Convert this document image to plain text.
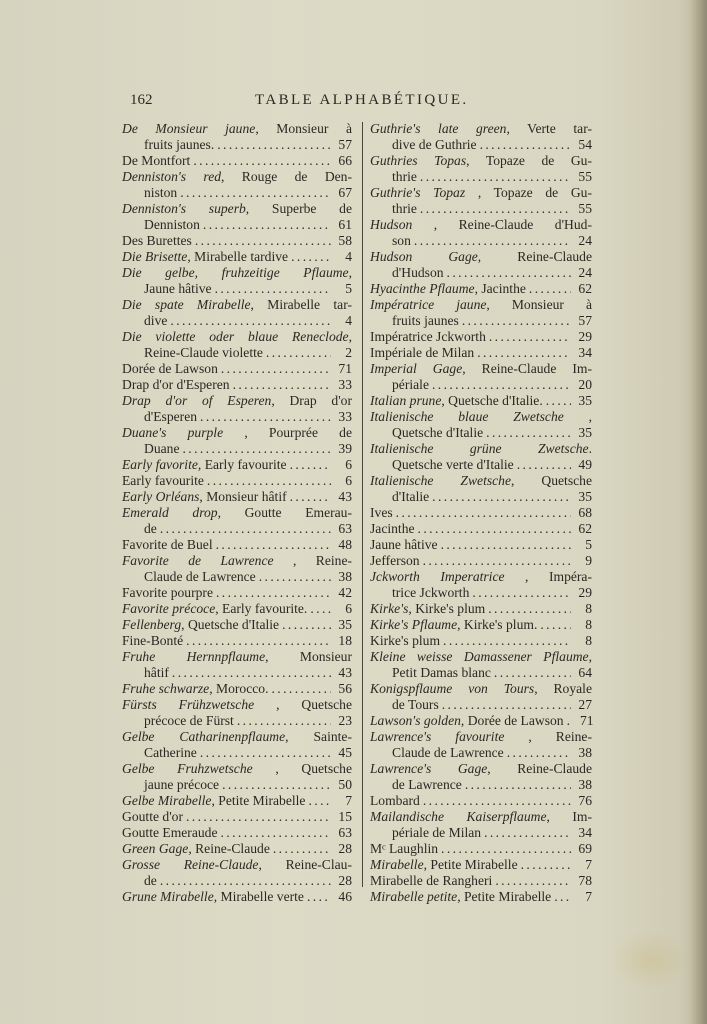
162	TABLE ALPHABÉTIQUE.
De Monsieur jaune, Monsieur à
fruits jaunes. . . .	57
De Montfort . . .	66
Denniston's red, Rouge de Den-
niston . . .	67
Denniston's superb, Superbe de
Denniston . . .	61
Des Burettes . . .	58
Die Brisette , Mirabelle tardive . . .	4
Die gelbe, fruhzeitige Pflaume,
Jaune hâtive . . .	5
Die spate Mirabelle, Mirabelle tar-
dive . . .	4
Die violette oder blaue Reneclode,
Reine-Claude violette . . .	2
Dorée de Lawson . . .	71
Drap d'or d'Esperen . . .	33
Drap d'or of Esperen, Drap d'or
d'Esperen . . .	33
Duane's purple , Pourprée de
Duane . . .	39
Early favorite , Early favourite . . .	6
Early favourite . . .	6
Early Orléans , Monsieur hâtif . . .	43
Emerald drop, Goutte Emerau-
de . . .	63
Favorite de Buel . . .	48
Favorite de Lawrence , Reine-
Claude de Lawrence . . .	38
Favorite pourpre . . .	42
Favorite précoce , Early favourite. . . .	6
Fellenberg , Quetsche d'Italie . . .	35
Fine-Bonté . . .	18
Fruhe Hernnpflaume, Monsieur
hâtif . . .	43
Fruhe schwarze , Morocco. . . .	56
Fürsts Frühzwetsche , Quetsche
précoce de Fürst . . .	23
Gelbe Catharinenpflaume, Sainte-
Catherine . . .	45
Gelbe Fruhzwetsche , Quetsche
jaune précoce . . .	50
Gelbe Mirabelle , Petite Mirabelle . . .	7
Goutte d'or . . .	15
Goutte Emeraude . . .	63
Green Gage , Reine-Claude . . .	28
Grosse Reine-Claude, Reine-Clau-
de . . .	28
Grune Mirabelle , Mirabelle verte . . .	46
Guthrie's late green, Verte tar-
dive de Guthrie . . .	54
Guthries Topas, Topaze de Gu-
thrie . . .	55
Guthrie's Topaz , Topaze de Gu-
thrie . . .	55
Hudson , Reine-Claude d'Hud-
son . . .	24
Hudson Gage, Reine-Claude
d'Hudson . . .	24
Hyacinthe Pflaume , Jacinthe . . .	62
Impératrice jaune, Monsieur à
fruits jaunes . . .	57
Impératrice Jckworth . . .	29
Impériale de Milan . . .	34
Imperial Gage, Reine-Claude Im-
périale . . .	20
Italian prune , Quetsche d'Italie. . . .	35
Italienische blaue Zwetsche ,
Quetsche d'Italie . . .	35
Italienische grüne Zwetsche.
Quetsche verte d'Italie . . .	49
Italienische Zwetsche, Quetsche
d'Italie . . .	35
Ives . . .	68
Jacinthe . . .	62
Jaune hâtive . . .	5
Jefferson . . .	9
Jckworth Imperatrice , Impéra-
trice Jckworth . . .	29
Kirke's , Kirke's plum . . .	8
Kirke's Pflaume , Kirke's plum. . . .	8
Kirke's plum . . .	8
Kleine weisse Damassener Pflaume,
Petit Damas blanc . . .	64
Konigspflaume von Tours, Royale
de Tours . . .	27
Lawson's golden , Dorée de Lawson . . .	71
Lawrence's favourite , Reine-
Claude de Lawrence . . .	38
Lawrence's Gage, Reine-Claude
de Lawrence . . .	38
Lombard . . .	76
Mailandische Kaiserpflaume, Im-
périale de Milan . . .	34
Mᶜ Laughlin . . .	69
Mirabelle , Petite Mirabelle . . .	7
Mirabelle de Rangheri . . .	78
Mirabelle petite , Petite Mirabelle . . .	7
